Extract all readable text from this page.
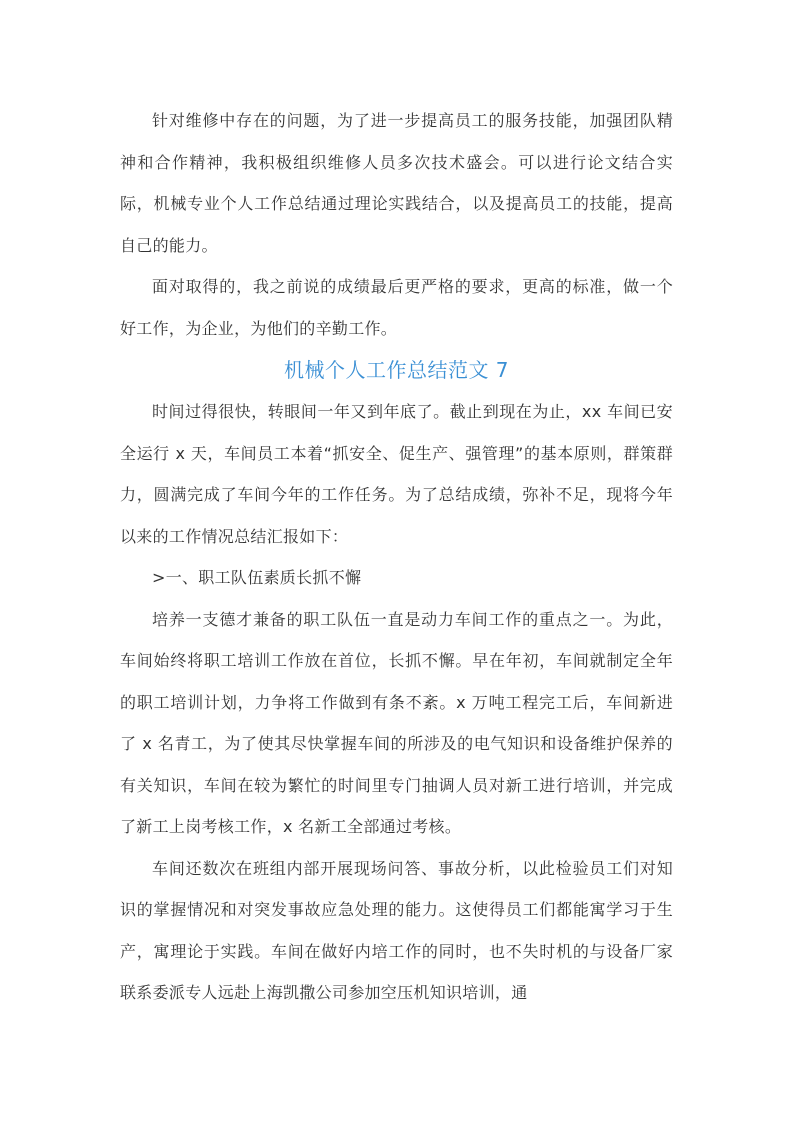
针对维修中存在的问题，为了进一步提高员工的服务技能，加强团队精神和合作精神，我积极组织维修人员多次技术盛会。可以进行论文结合实际，机械专业个人工作总结通过理论实践结合，以及提高员工的技能，提高自己的能力。

面对取得的，我之前说的成绩最后更严格的要求，更高的标准，做一个好工作，为企业，为他们的辛勤工作。

机械个人工作总结范文 7

时间过得很快，转眼间一年又到年底了。截止到现在为止，xx 车间已安全运行 x 天，车间员工本着“抓安全、促生产、强管理”的基本原则，群策群力，圆满完成了车间今年的工作任务。为了总结成绩，弥补不足，现将今年以来的工作情况总结汇报如下：

>一、职工队伍素质长抓不懈

培养一支德才兼备的职工队伍一直是动力车间工作的重点之一。为此，车间始终将职工培训工作放在首位，长抓不懈。早在年初，车间就制定全年的职工培训计划，力争将工作做到有条不紊。x 万吨工程完工后，车间新进了 x 名青工，为了使其尽快掌握车间的所涉及的电气知识和设备维护保养的有关知识，车间在较为繁忙的时间里专门抽调人员对新工进行培训，并完成了新工上岗考核工作，x 名新工全部通过考核。

车间还数次在班组内部开展现场问答、事故分析，以此检验员工们对知识的掌握情况和对突发事故应急处理的能力。这使得员工们都能寓学习于生产，寓理论于实践。车间在做好内培工作的同时，也不失时机的与设备厂家联系委派专人远赴上海凯撒公司参加空压机知识培训，通
